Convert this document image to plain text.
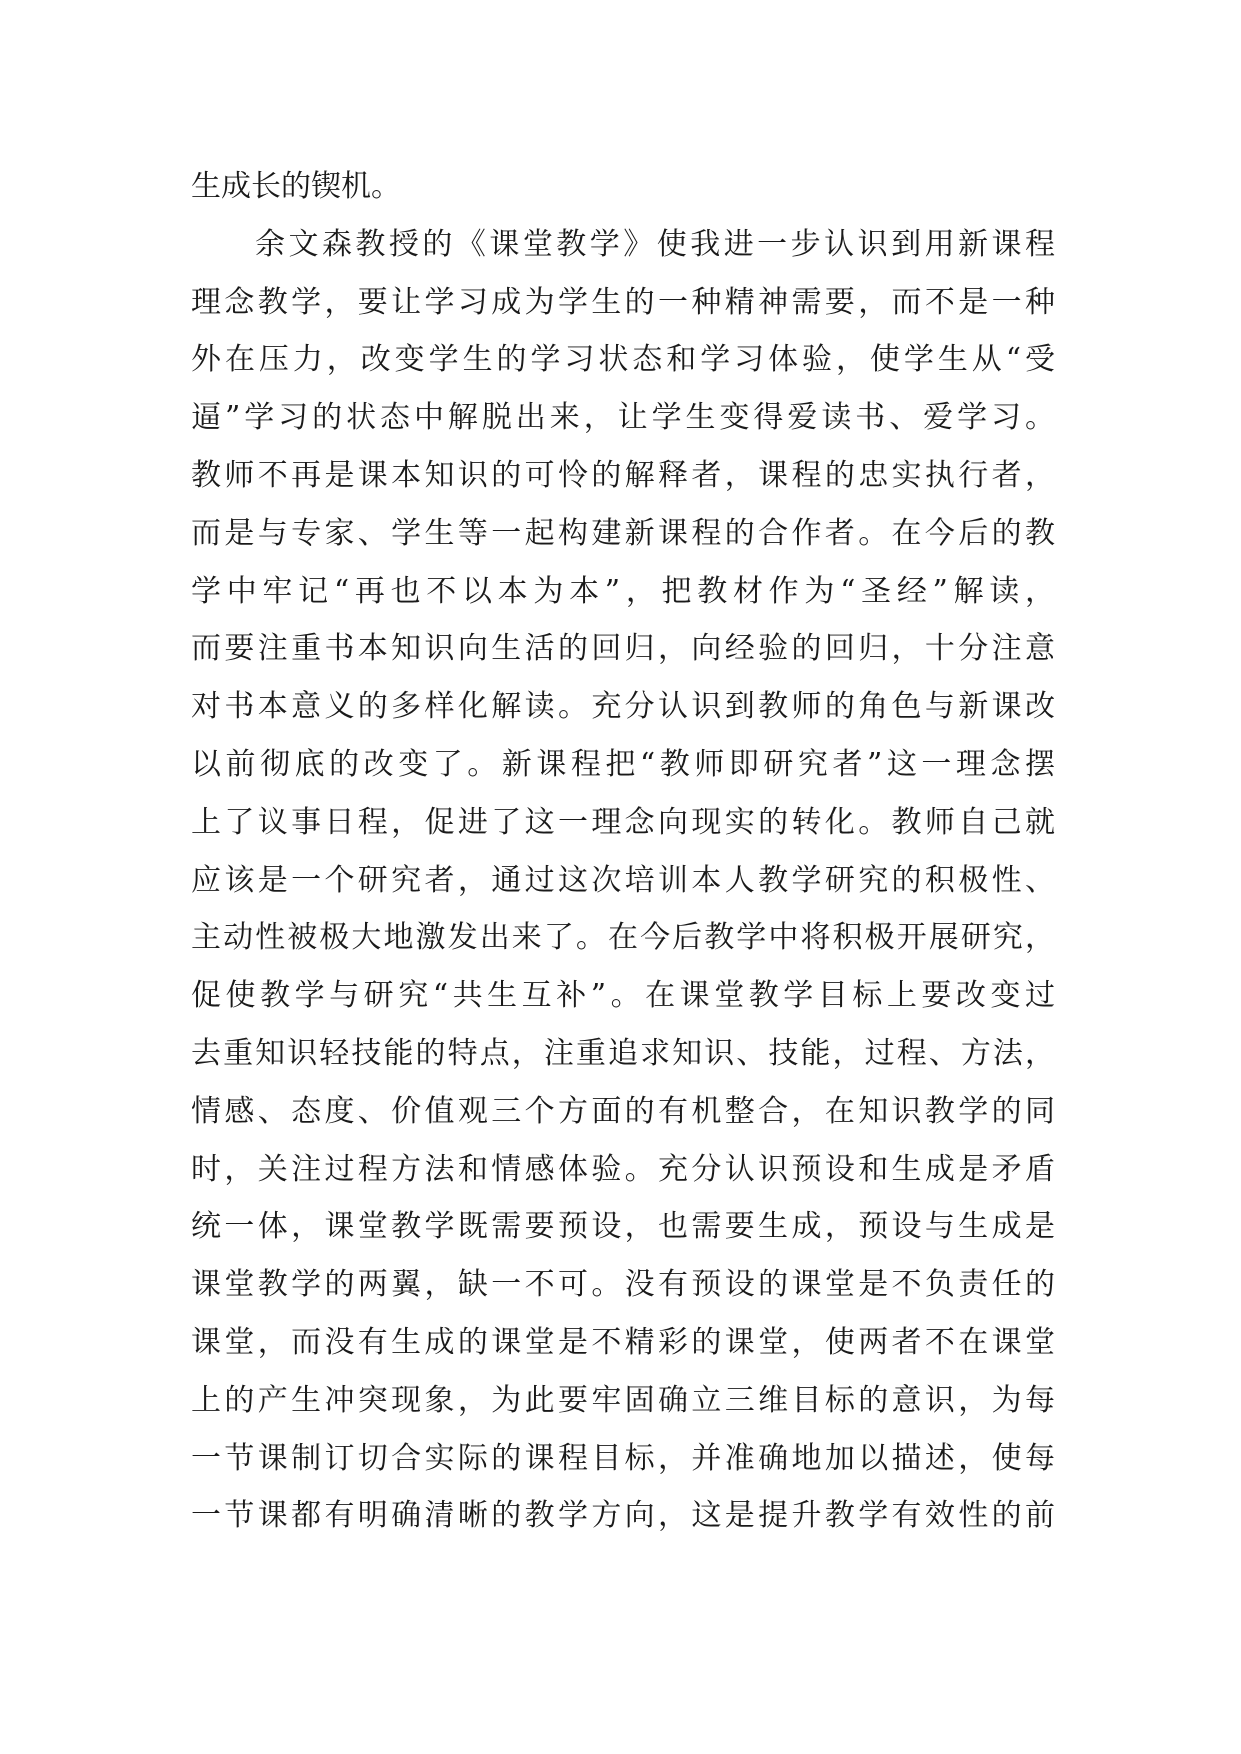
生成长的锲机。
余文森教授的《课堂教学》使我进一步认识到用新课程
理念教学，要让学习成为学生的一种精神需要，而不是一种
外在压力，改变学生的学习状态和学习体验，使学生从“受
逼”学习的状态中解脱出来，让学生变得爱读书、爱学习。
教师不再是课本知识的可怜的解释者，课程的忠实执行者，
而是与专家、学生等一起构建新课程的合作者。在今后的教
学中牢记“再也不以本为本”，把教材作为“圣经”解读，
而要注重书本知识向生活的回归，向经验的回归，十分注意
对书本意义的多样化解读。充分认识到教师的角色与新课改
以前彻底的改变了。新课程把“教师即研究者”这一理念摆
上了议事日程，促进了这一理念向现实的转化。教师自己就
应该是一个研究者，通过这次培训本人教学研究的积极性、
主动性被极大地激发出来了。在今后教学中将积极开展研究，
促使教学与研究“共生互补”。在课堂教学目标上要改变过
去重知识轻技能的特点，注重追求知识、技能，过程、方法，
情感、态度、价值观三个方面的有机整合，在知识教学的同
时，关注过程方法和情感体验。充分认识预设和生成是矛盾
统一体，课堂教学既需要预设，也需要生成，预设与生成是
课堂教学的两翼，缺一不可。没有预设的课堂是不负责任的
课堂，而没有生成的课堂是不精彩的课堂，使两者不在课堂
上的产生冲突现象，为此要牢固确立三维目标的意识，为每
一节课制订切合实际的课程目标，并准确地加以描述，使每
一节课都有明确清晰的教学方向，这是提升教学有效性的前
